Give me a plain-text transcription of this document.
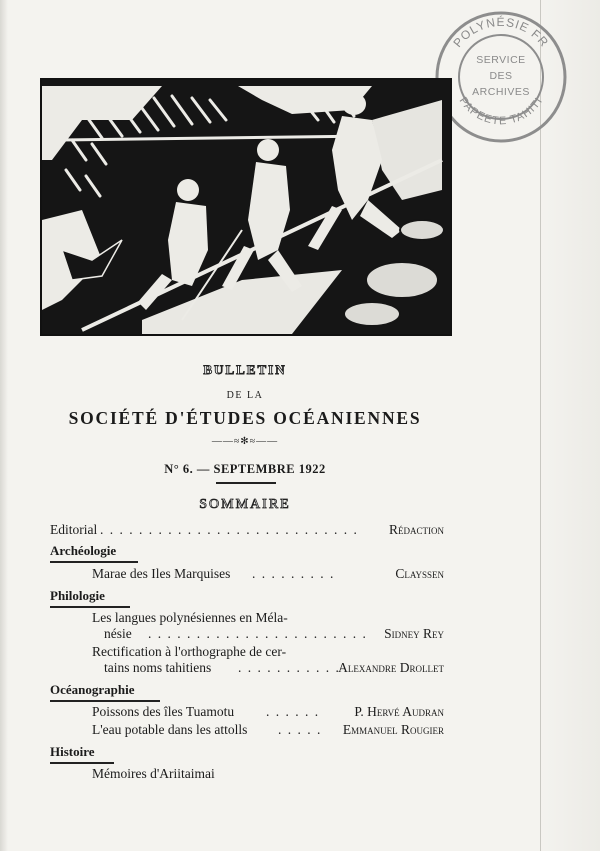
POLYNÉSIE FR
PAPEETE TAHITI
SERVICE
DES
ARCHIVES
BULLETIN
DE LA
SOCIÉTÉ D'ÉTUDES OCÉANIENNES
——≈✻≈——
N° 6. — SEPTEMBRE 1922
SOMMAIRE
Editorial . . . . . . . . . . . . . . . . . . . . . . . . . . . Rédaction
Archéologie
Marae des Iles Marquises . . . . . . . . .	Clayssen
Philologie
Les langues polynésiennes en Méla-
nésie . . . . . . . . . . . . . . . . . . . . . . . Sidney Rey
Rectification à l'orthographe de cer-
tains noms tahitiens . . . . . . . . . . .
Alexandre Drollet
Océanographie
Poissons des îles Tuamotu . . . . . .	P. Hervé Audran
L'eau potable dans les attolls . . . . . Emmanuel Rougier
Histoire
Mémoires d'Ariitaimai
